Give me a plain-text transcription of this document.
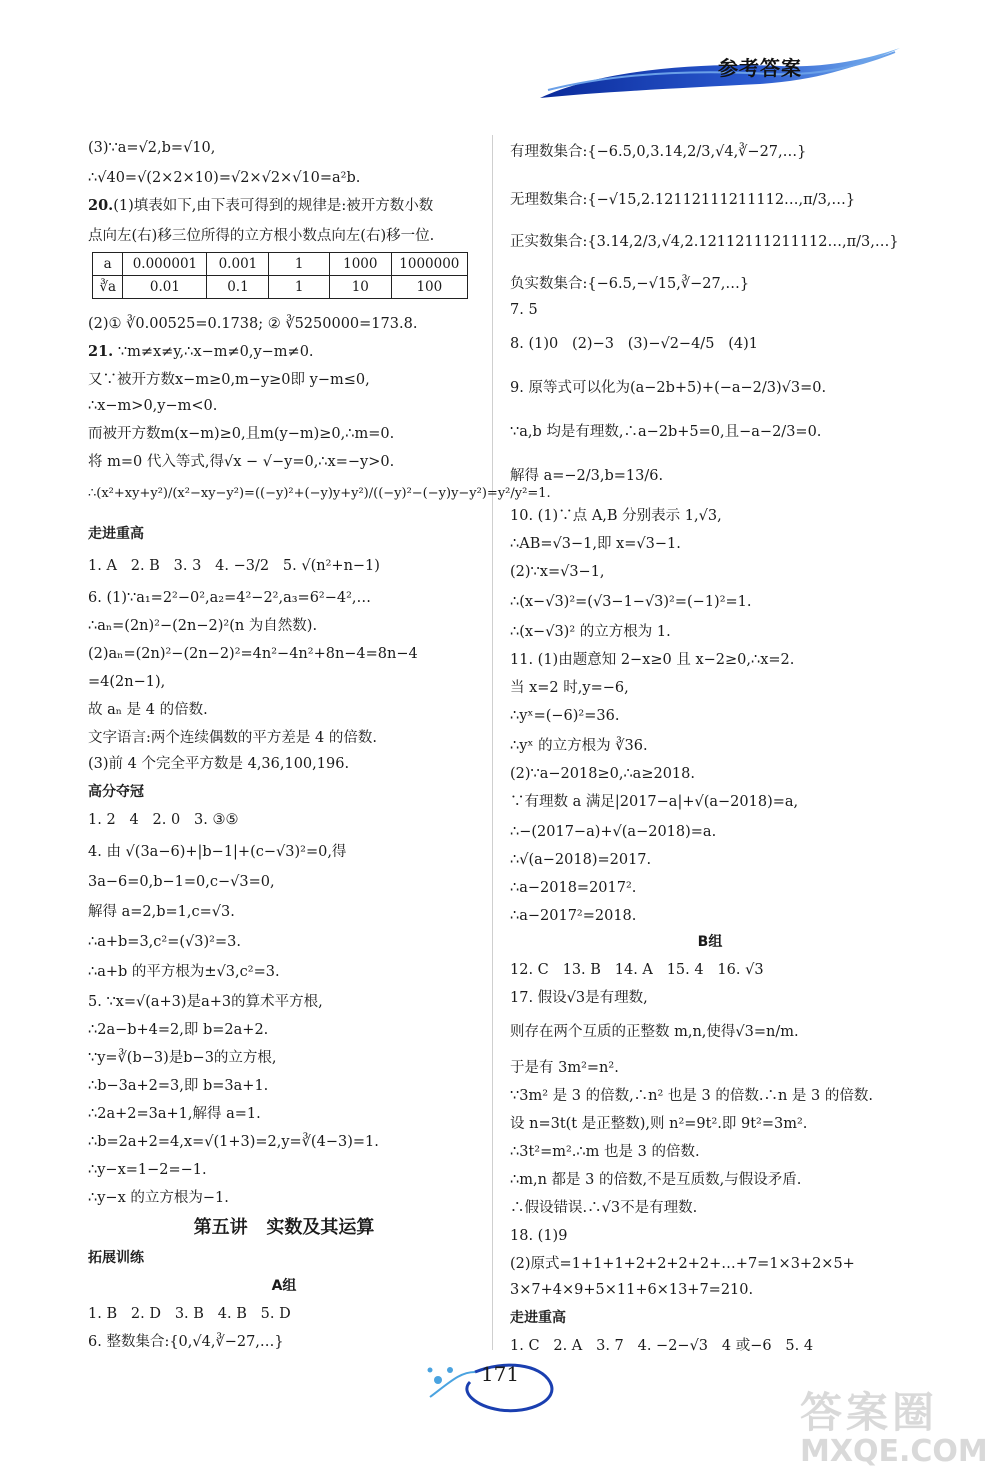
参考答案
(3)∵a=√2,b=√10,
∴√40=√(2×2×10)=√2×√2×√10=a²b.
20.(1)填表如下,由下表可得到的规律是:被开方数小数
点向左(右)移三位所得的立方根小数点向左(右)移一位.
a	0.000001	0.001	1	1000	1000000
∛a	0.01	0.1	1	10	100
(2)① ∛0.00525=0.1738; ② ∛5250000=173.8.
21. ∵m≠x≠y,∴x−m≠0,y−m≠0.
又∵被开方数x−m≥0,m−y≥0即 y−m≤0,
∴x−m>0,y−m<0.
而被开方数m(x−m)≥0,且m(y−m)≥0,∴m=0.
将 m=0 代入等式,得√x − √−y=0,∴x=−y>0.
∴(x²+xy+y²)/(x²−xy−y²)=((−y)²+(−y)y+y²)/((−y)²−(−y)y−y²)=y²/y²=1.
走进重高
1. A   2. B   3. 3   4. −3/2   5. √(n²+n−1)
6. (1)∵a₁=2²−0²,a₂=4²−2²,a₃=6²−4²,…
∴aₙ=(2n)²−(2n−2)²(n 为自然数).
(2)aₙ=(2n)²−(2n−2)²=4n²−4n²+8n−4=8n−4
=4(2n−1),
故 aₙ 是 4 的倍数.
文字语言:两个连续偶数的平方差是 4 的倍数.
(3)前 4 个完全平方数是 4,36,100,196.
高分夺冠
1. 2   4   2. 0   3. ③⑤
4. 由 √(3a−6)+|b−1|+(c−√3)²=0,得
3a−6=0,b−1=0,c−√3=0,
解得 a=2,b=1,c=√3.
∴a+b=3,c²=(√3)²=3.
∴a+b 的平方根为±√3,c²=3.
5. ∵x=√(a+3)是a+3的算术平方根,
∴2a−b+4=2,即 b=2a+2.
∵y=∛(b−3)是b−3的立方根,
∴b−3a+2=3,即 b=3a+1.
∴2a+2=3a+1,解得 a=1.
∴b=2a+2=4,x=√(1+3)=2,y=∛(4−3)=1.
∴y−x=1−2=−1.
∴y−x 的立方根为−1.
第五讲   实数及其运算
拓展训练
A组
1. B   2. D   3. B   4. B   5. D
6. 整数集合:{0,√4,∛−27,…}
有理数集合:{−6.5,0,3.14,2/3,√4,∛−27,…}
无理数集合:{−√15,2.12112111211112…,π/3,…}
正实数集合:{3.14,2/3,√4,2.12112111211112…,π/3,…}
负实数集合:{−6.5,−√15,∛−27,…}
7. 5
8. (1)0   (2)−3   (3)−√2−4/5   (4)1
9. 原等式可以化为(a−2b+5)+(−a−2/3)√3=0.
∵a,b 均是有理数,∴a−2b+5=0,且−a−2/3=0.
解得 a=−2/3,b=13/6.
10. (1)∵点 A,B 分别表示 1,√3,
∴AB=√3−1,即 x=√3−1.
(2)∵x=√3−1,
∴(x−√3)²=(√3−1−√3)²=(−1)²=1.
∴(x−√3)² 的立方根为 1.
11. (1)由题意知 2−x≥0 且 x−2≥0,∴x=2.
当 x=2 时,y=−6,
∴yˣ=(−6)²=36.
∴yˣ 的立方根为 ∛36.
(2)∵a−2018≥0,∴a≥2018.
∵有理数 a 满足|2017−a|+√(a−2018)=a,
∴−(2017−a)+√(a−2018)=a.
∴√(a−2018)=2017.
∴a−2018=2017².
∴a−2017²=2018.
B组
12. C   13. B   14. A   15. 4   16. √3
17. 假设√3是有理数,
则存在两个互质的正整数 m,n,使得√3=n/m.
于是有 3m²=n².
∵3m² 是 3 的倍数,∴n² 也是 3 的倍数.∴n 是 3 的倍数.
设 n=3t(t 是正整数),则 n²=9t².即 9t²=3m².
∴3t²=m².∴m 也是 3 的倍数.
∴m,n 都是 3 的倍数,不是互质数,与假设矛盾.
∴假设错误.∴√3不是有理数.
18. (1)9
(2)原式=1+1+1+2+2+2+2+…+7=1×3+2×5+
3×7+4×9+5×11+6×13+7=210.
走进重高
1. C   2. A   3. 7   4. −2−√3   4 或−6   5. 4
171
答案圈
MXQE.COM
